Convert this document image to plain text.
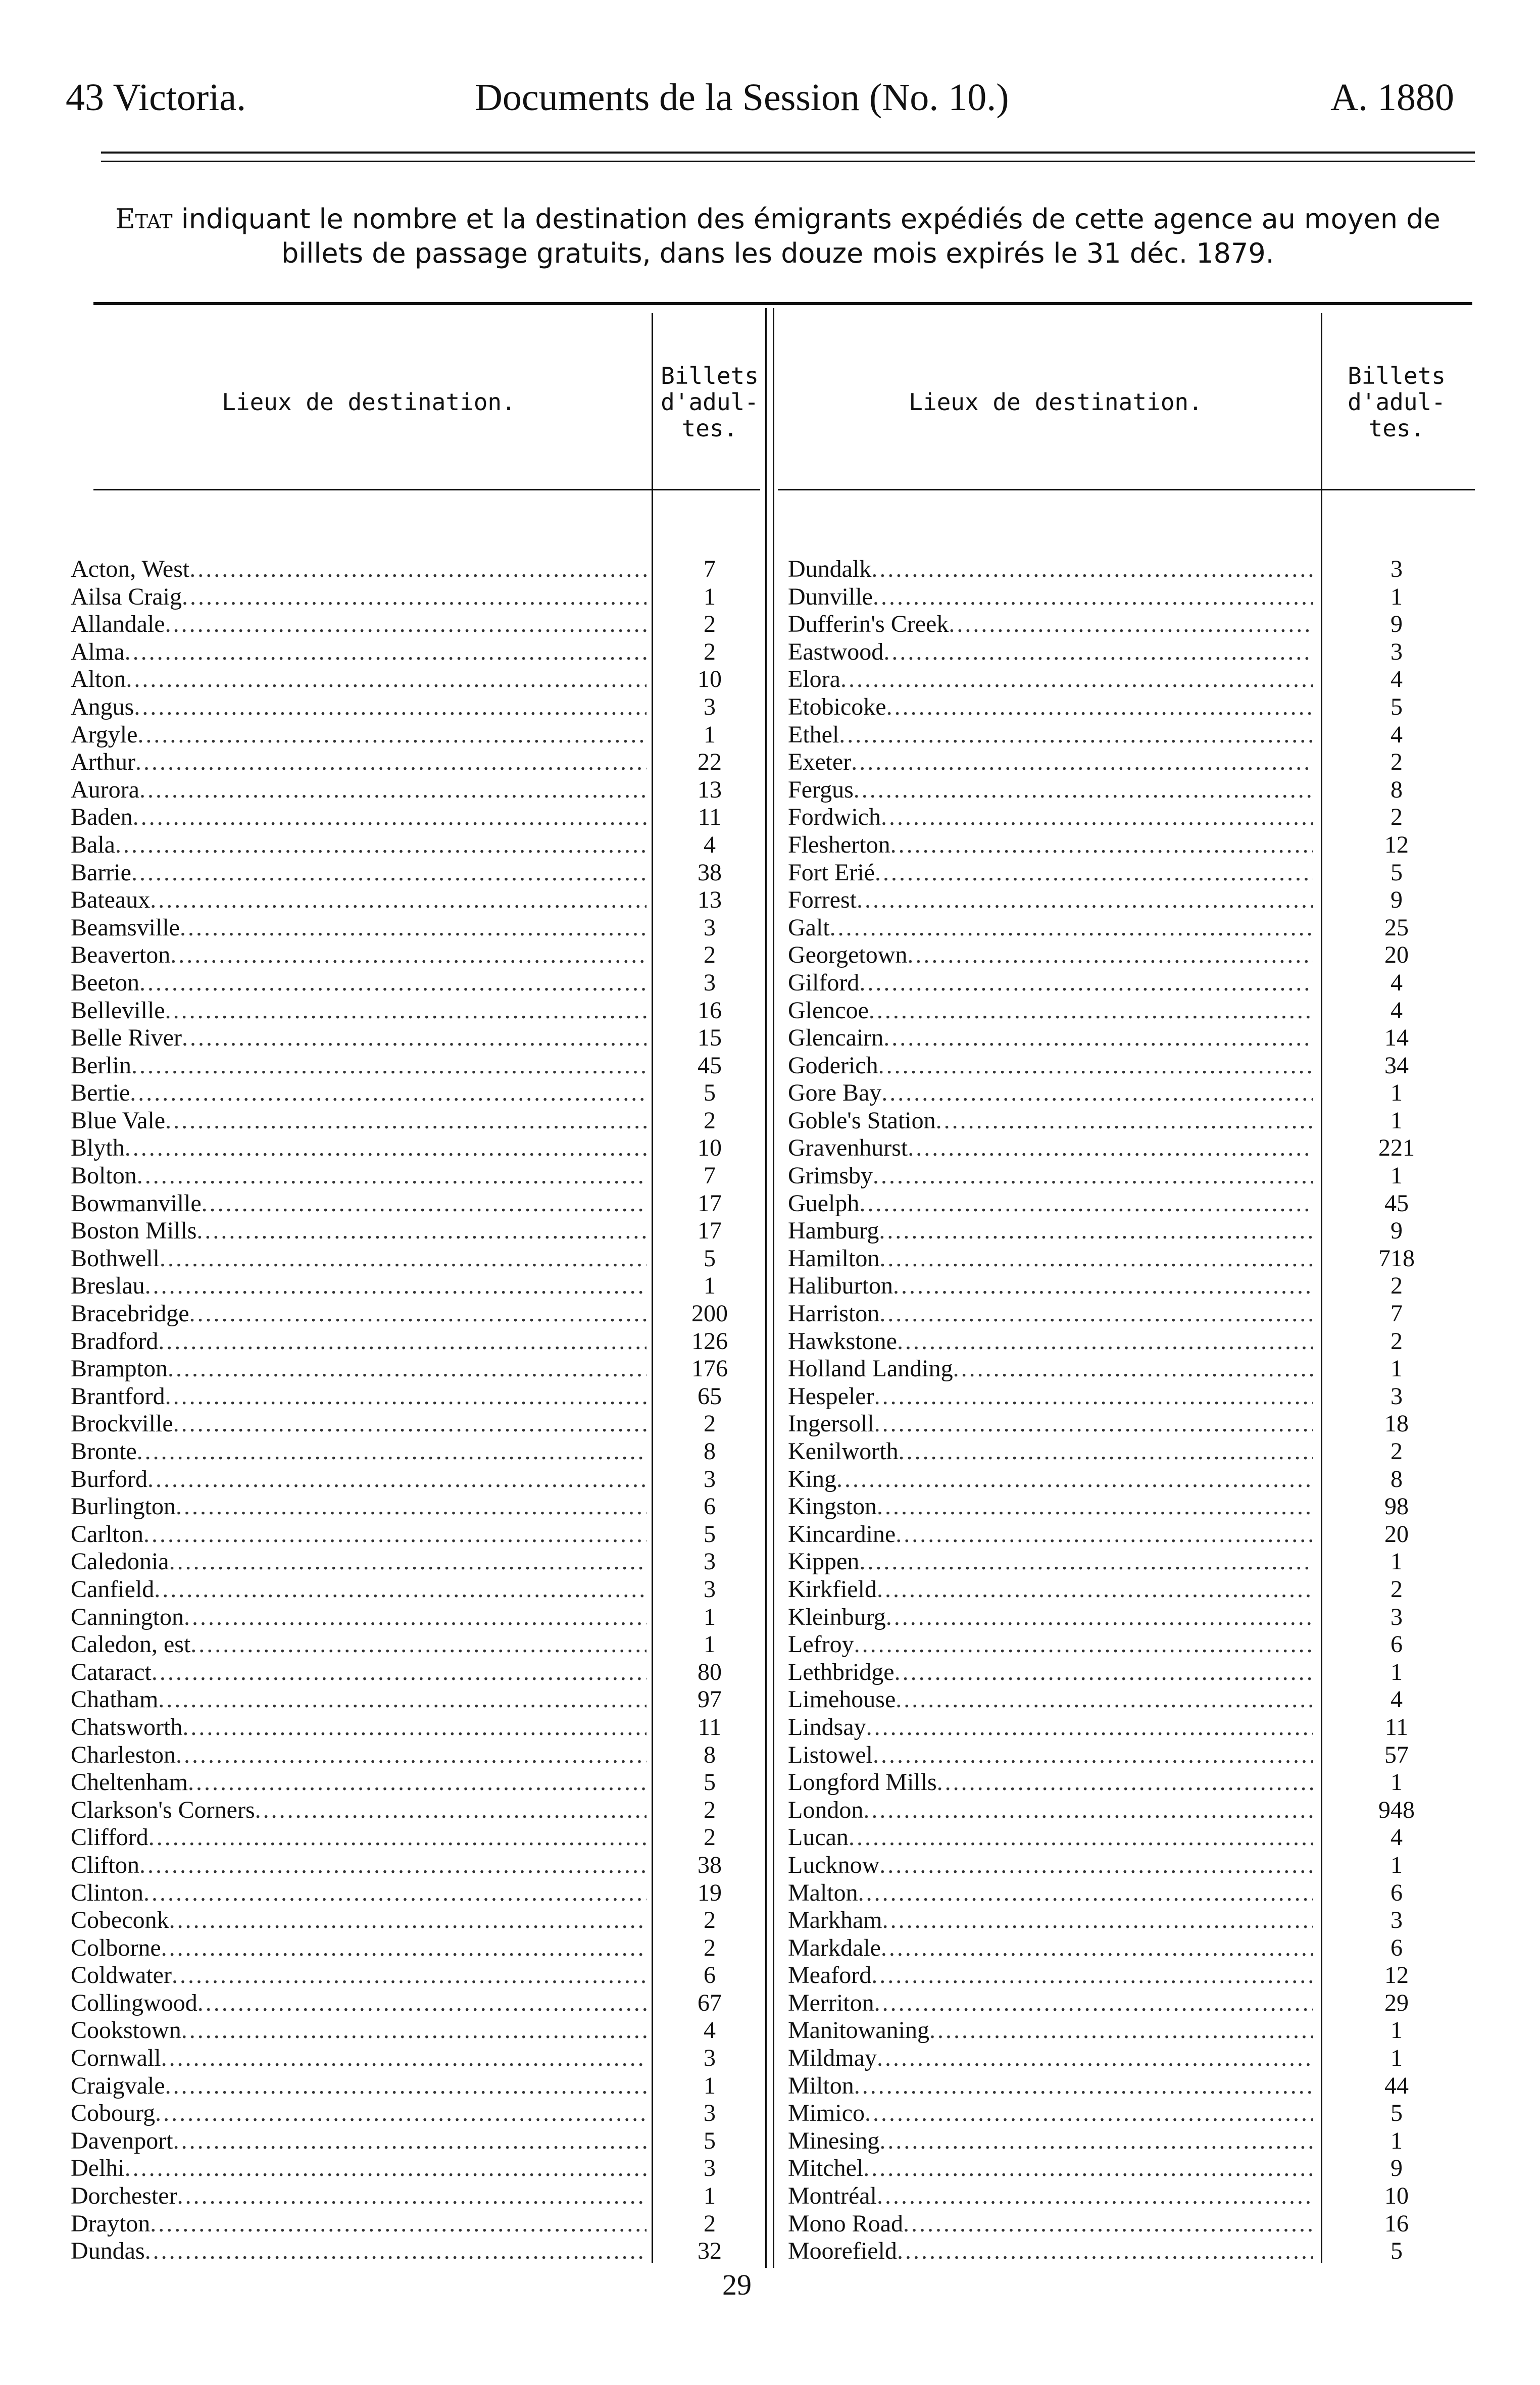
43 Victoria.	Documents de la Session (No. 10.)	A. 1880
Etat indiquant le nombre et la destination des émigrants expédiés de cette agence au moyen de billets de passage gratuits, dans les douze mois expirés le 31 déc. 1879.
Lieux de destination.
Billets d'adul- tes.
Lieux de destination.
Billets d'adul- tes.
Acton, West
.....
Ailsa Craig
.....
Allandale
.....
Alma
.....
Alton
.....
Angus
.....
Argyle
.....
Arthur
.....
Aurora
.....
Baden
.....
Bala
.....
Barrie
.....
Bateaux
.....
Beamsville
.....
Beaverton
.....
Beeton
.....
Belleville
.....
Belle River
.....
Berlin
.....
Bertie
.....
Blue Vale
.....
Blyth
.....
Bolton
.....
Bowmanville
.....
Boston Mills
.....
Bothwell
.....
Breslau
.....
Bracebridge
.....
Bradford
.....
Brampton
.....
Brantford
.....
Brockville
.....
Bronte
.....
Burford
.....
Burlington
.....
Carlton
.....
Caledonia
.....
Canfield
.....
Cannington
.....
Caledon, est
.....
Cataract
.....
Chatham
.....
Chatsworth
.....
Charleston
.....
Cheltenham
.....
Clarkson's Corners
.....
Clifford
.....
Clifton
.....
Clinton
.....
Cobeconk
.....
Colborne
.....
Coldwater
.....
Collingwood
.....
Cookstown
.....
Cornwall
.....
Craigvale
.....
Cobourg
.....
Davenport
.....
Delhi
.....
Dorchester
.....
Drayton
.....
Dundas
.....
7
1
2
2
10
3
1
22
13
11
4
38
13
3
2
3
16
15
45
5
2
10
7
17
17
5
1
200
126
176
65
2
8
3
6
5
3
3
1
1
80
97
11
8
5
2
2
38
19
2
2
6
67
4
3
1
3
5
3
1
2
32
Dundalk
.....
Dunville
.....
Dufferin's Creek
.....
Eastwood
.....
Elora
.....
Etobicoke
.....
Ethel
.....
Exeter
.....
Fergus
.....
Fordwich
.....
Flesherton
.....
Fort Erié
.....
Forrest
.....
Galt
.....
Georgetown
.....
Gilford
.....
Glencoe
.....
Glencairn
.....
Goderich
.....
Gore Bay
.....
Goble's Station
.....
Gravenhurst
.....
Grimsby
.....
Guelph
.....
Hamburg
.....
Hamilton
.....
Haliburton
.....
Harriston
.....
Hawkstone
.....
Holland Landing
.....
Hespeler
.....
Ingersoll
.....
Kenilworth
.....
King
.....
Kingston
.....
Kincardine
.....
Kippen
.....
Kirkfield
.....
Kleinburg
.....
Lefroy
.....
Lethbridge
.....
Limehouse
.....
Lindsay
.....
Listowel
.....
Longford Mills
.....
London
.....
Lucan
.....
Lucknow
.....
Malton
.....
Markham
.....
Markdale
.....
Meaford
.....
Merriton
.....
Manitowaning
.....
Mildmay
.....
Milton
.....
Mimico
.....
Minesing
.....
Mitchel
.....
Montréal
.....
Mono Road
.....
Moorefield
.....
3
1
9
3
4
5
4
2
8
2
12
5
9
25
20
4
4
14
34
1
1
221
1
45
9
718
2
7
2
1
3
18
2
8
98
20
1
2
3
6
1
4
11
57
1
948
4
1
6
3
6
12
29
1
1
44
5
1
9
10
16
5
29
